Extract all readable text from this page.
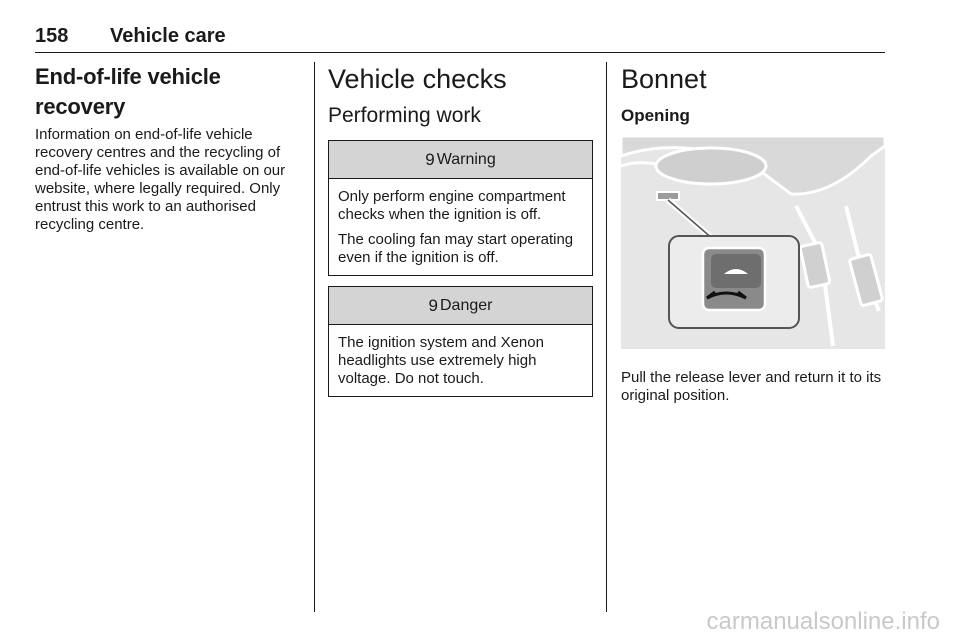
158 Vehicle care
End-of-life vehicle recovery

Information on end-of-life vehicle recovery centres and the recycling of end-of-life vehicles is available on our website, where legally required. Only entrust this work to an authorised recycling centre.

Vehicle checks
Performing work
9 Warning

Only perform engine compartment checks when the ignition is off.

The cooling fan may start operating even if the ignition is off.

9 Danger

The ignition system and Xenon headlights use extremely high voltage. Do not touch.

Bonnet
Opening

Pull the release lever and return it to its original position.

carmanualsonline.info
